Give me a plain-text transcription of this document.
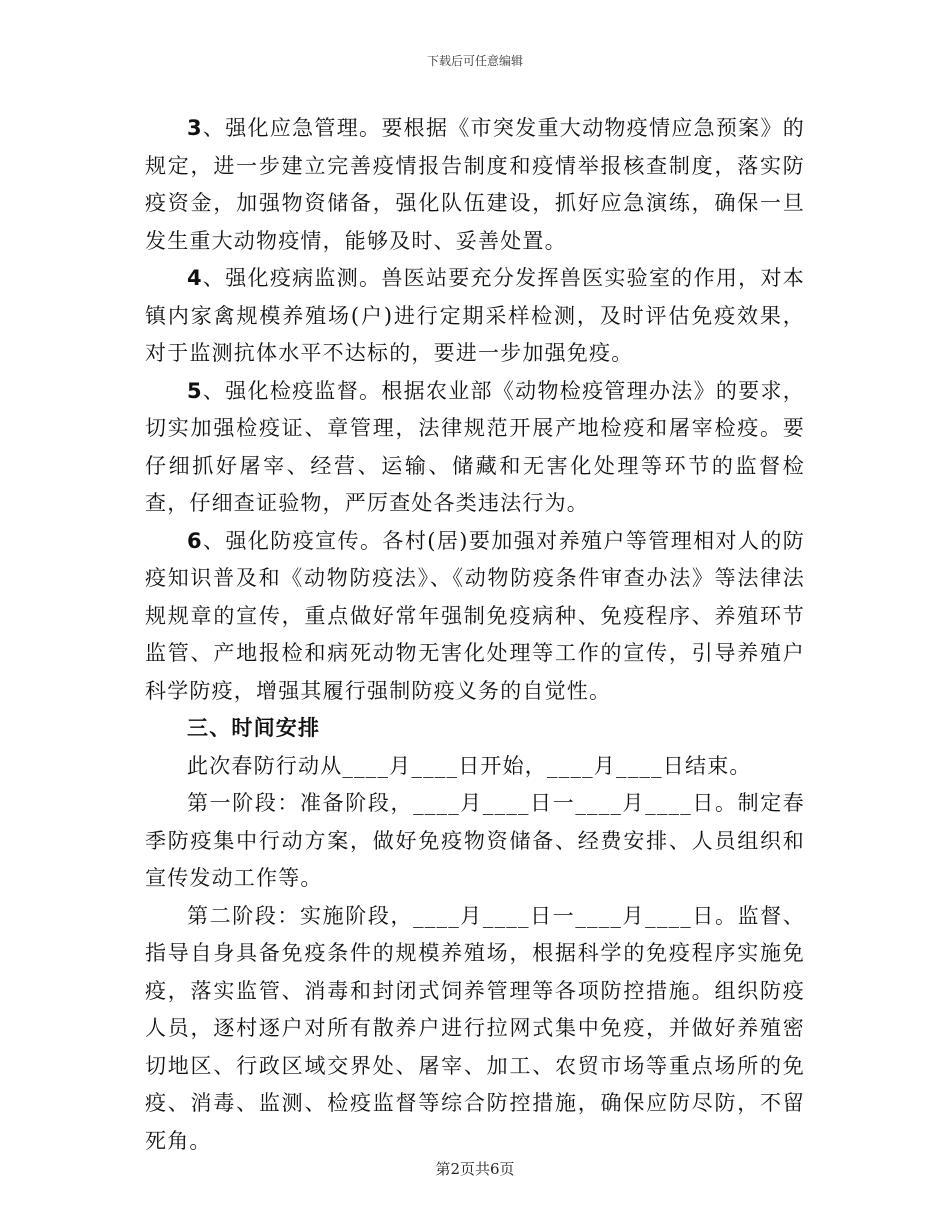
下载后可任意编辑

3、强化应急管理。要根据《市突发重大动物疫情应急预案》的规定，进一步建立完善疫情报告制度和疫情举报核查制度，落实防疫资金，加强物资储备，强化队伍建设，抓好应急演练，确保一旦发生重大动物疫情，能够及时、妥善处置。

4、强化疫病监测。兽医站要充分发挥兽医实验室的作用，对本镇内家禽规模养殖场(户)进行定期采样检测，及时评估免疫效果，对于监测抗体水平不达标的，要进一步加强免疫。

5、强化检疫监督。根据农业部《动物检疫管理办法》的要求，切实加强检疫证、章管理，法律规范开展产地检疫和屠宰检疫。要仔细抓好屠宰、经营、运输、储藏和无害化处理等环节的监督检查，仔细查证验物，严厉查处各类违法行为。

6、强化防疫宣传。各村(居)要加强对养殖户等管理相对人的防疫知识普及和《动物防疫法》、《动物防疫条件审查办法》等法律法规规章的宣传，重点做好常年强制免疫病种、免疫程序、养殖环节监管、产地报检和病死动物无害化处理等工作的宣传，引导养殖户科学防疫，增强其履行强制防疫义务的自觉性。

三、时间安排

此次春防行动从____月____日开始，____月____日结束。

第一阶段：准备阶段，____月____日一____月____日。制定春季防疫集中行动方案，做好免疫物资储备、经费安排、人员组织和宣传发动工作等。

第二阶段：实施阶段，____月____日一____月____日。监督、指导自身具备免疫条件的规模养殖场，根据科学的免疫程序实施免疫，落实监管、消毒和封闭式饲养管理等各项防控措施。组织防疫人员，逐村逐户对所有散养户进行拉网式集中免疫，并做好养殖密切地区、行政区域交界处、屠宰、加工、农贸市场等重点场所的免疫、消毒、监测、检疫监督等综合防控措施，确保应防尽防，不留死角。

第2页共6页
